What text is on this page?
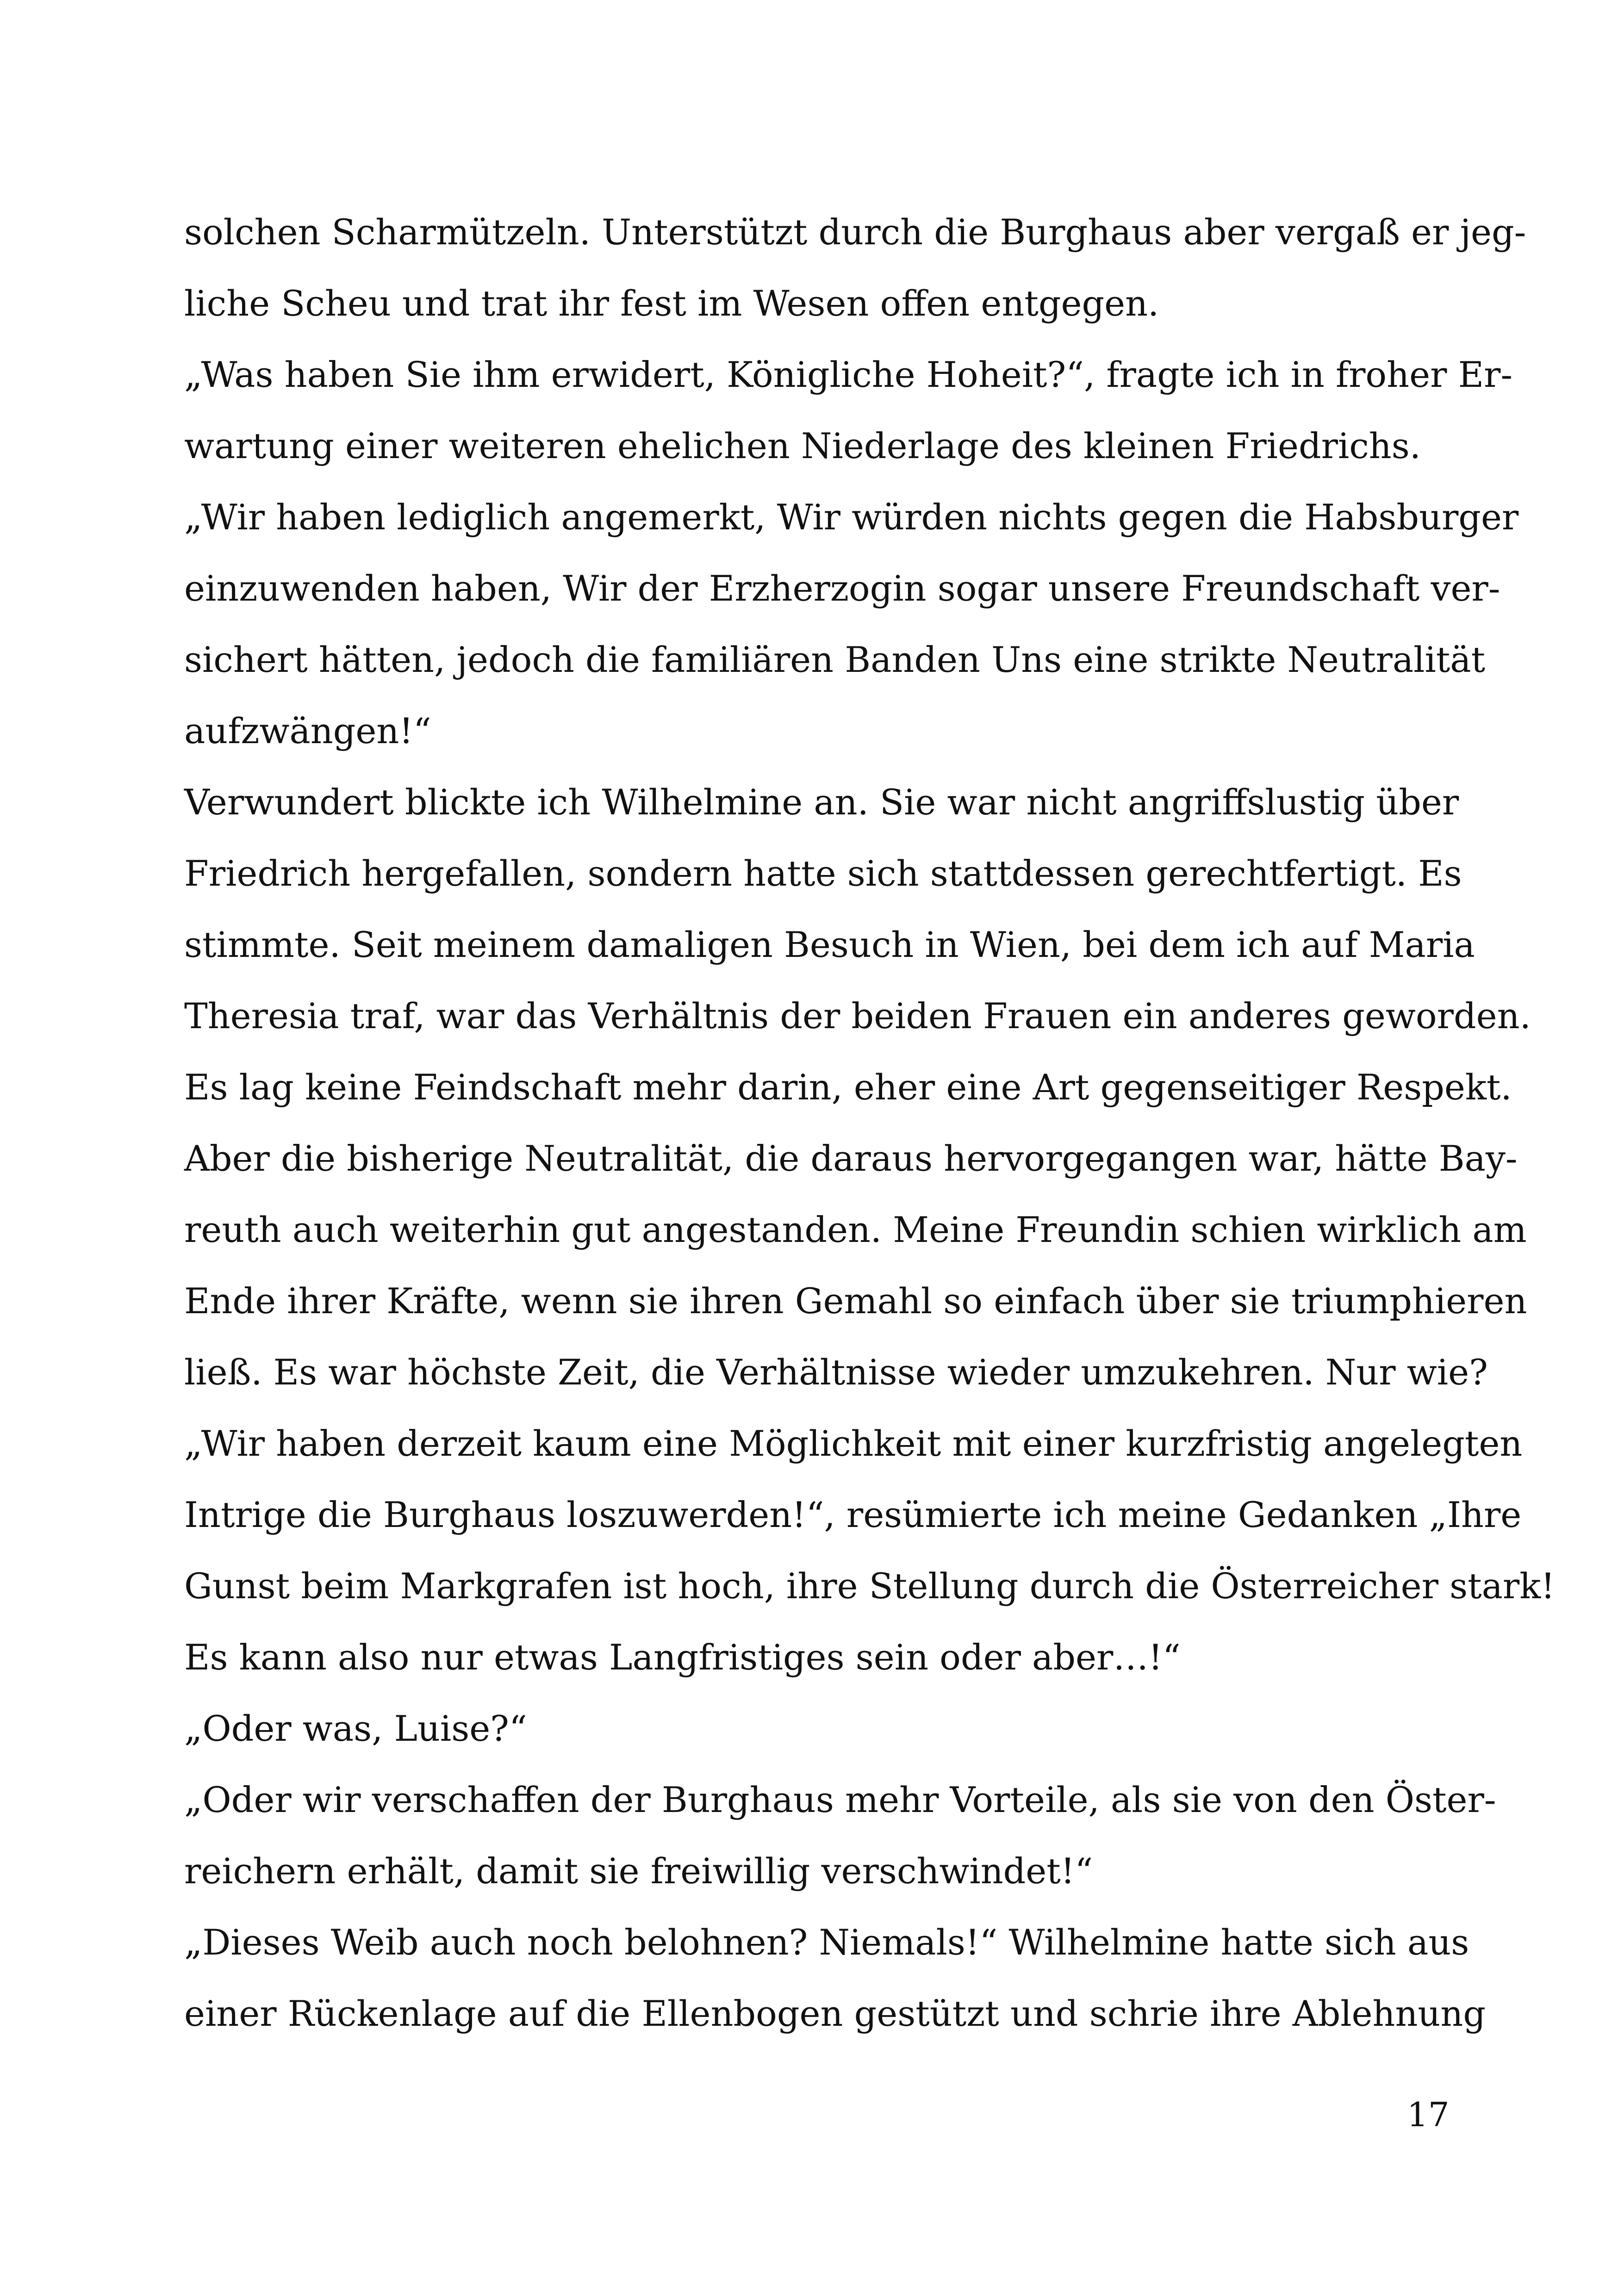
solchen Scharmützeln. Unterstützt durch die Burghaus aber vergaß er jeg-
liche Scheu und trat ihr fest im Wesen offen entgegen.
„Was haben Sie ihm erwidert, Königliche Hoheit?“, fragte ich in froher Er-
wartung einer weiteren ehelichen Niederlage des kleinen Friedrichs.
„Wir haben lediglich angemerkt, Wir würden nichts gegen die Habsburger
einzuwenden haben, Wir der Erzherzogin sogar unsere Freundschaft ver-
sichert hätten, jedoch die familiären Banden Uns eine strikte Neutralität
aufzwängen!“
Verwundert blickte ich Wilhelmine an. Sie war nicht angriffslustig über
Friedrich hergefallen, sondern hatte sich stattdessen gerechtfertigt. Es
stimmte. Seit meinem damaligen Besuch in Wien, bei dem ich auf Maria
Theresia traf, war das Verhältnis der beiden Frauen ein anderes geworden.
Es lag keine Feindschaft mehr darin, eher eine Art gegenseitiger Respekt.
Aber die bisherige Neutralität, die daraus hervorgegangen war, hätte Bay-
reuth auch weiterhin gut angestanden. Meine Freundin schien wirklich am
Ende ihrer Kräfte, wenn sie ihren Gemahl so einfach über sie triumphieren
ließ. Es war höchste Zeit, die Verhältnisse wieder umzukehren. Nur wie?
„Wir haben derzeit kaum eine Möglichkeit mit einer kurzfristig angelegten
Intrige die Burghaus loszuwerden!“, resümierte ich meine Gedanken „Ihre
Gunst beim Markgrafen ist hoch, ihre Stellung durch die Österreicher stark!
Es kann also nur etwas Langfristiges sein oder aber…!“
„Oder was, Luise?“
„Oder wir verschaffen der Burghaus mehr Vorteile, als sie von den Öster-
reichern erhält, damit sie freiwillig verschwindet!“
„Dieses Weib auch noch belohnen? Niemals!“ Wilhelmine hatte sich aus
einer Rückenlage auf die Ellenbogen gestützt und schrie ihre Ablehnung
17
